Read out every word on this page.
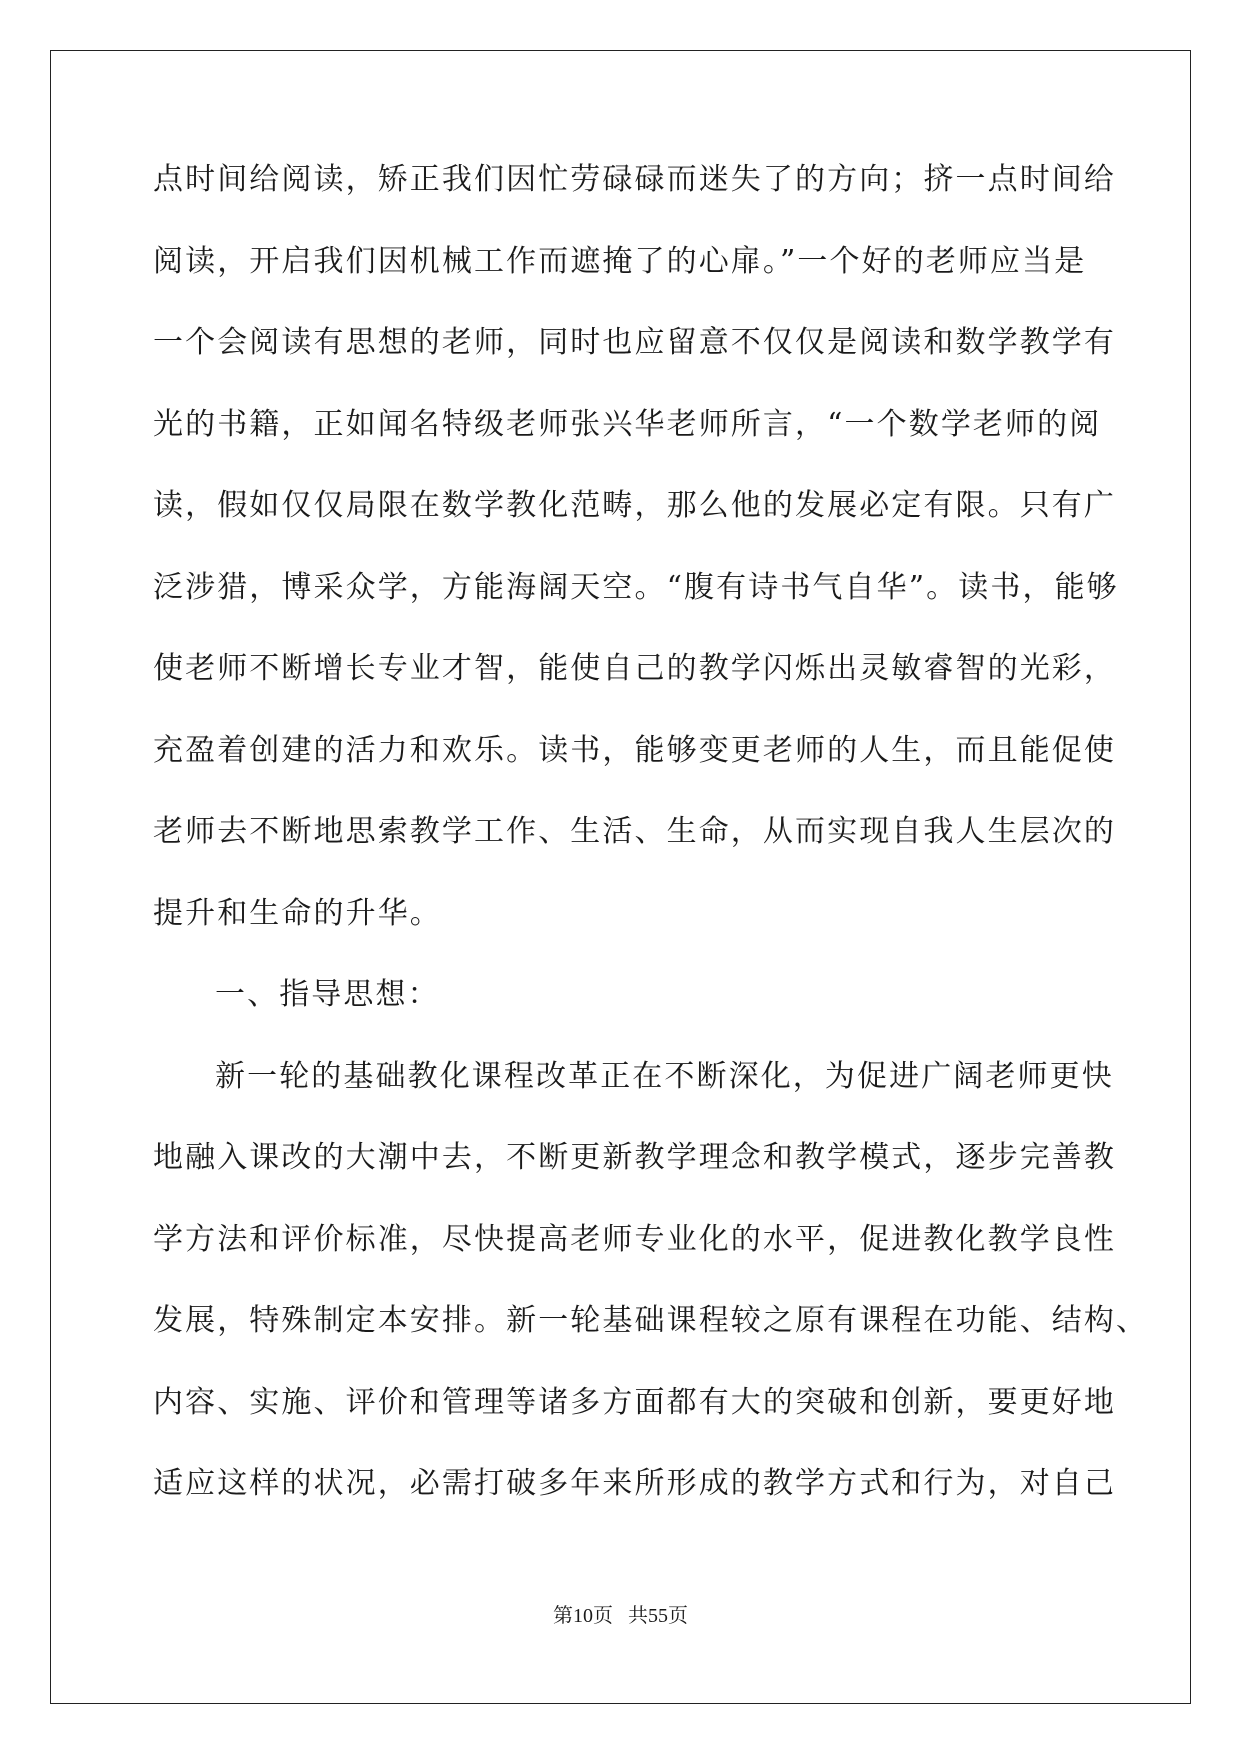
点时间给阅读，矫正我们因忙劳碌碌而迷失了的方向；挤一点时间给
阅读，开启我们因机械工作而遮掩了的心扉。”一个好的老师应当是
一个会阅读有思想的老师，同时也应留意不仅仅是阅读和数学教学有
光的书籍，正如闻名特级老师张兴华老师所言，“一个数学老师的阅
读，假如仅仅局限在数学教化范畴，那么他的发展必定有限。只有广
泛涉猎，博采众学，方能海阔天空。“腹有诗书气自华”。读书，能够
使老师不断增长专业才智，能使自己的教学闪烁出灵敏睿智的光彩，
充盈着创建的活力和欢乐。读书，能够变更老师的人生，而且能促使
老师去不断地思索教学工作、生活、生命，从而实现自我人生层次的
提升和生命的升华。
一、指导思想：
新一轮的基础教化课程改革正在不断深化，为促进广阔老师更快
地融入课改的大潮中去，不断更新教学理念和教学模式，逐步完善教
学方法和评价标准，尽快提高老师专业化的水平，促进教化教学良性
发展，特殊制定本安排。新一轮基础课程较之原有课程在功能、结构、
内容、实施、评价和管理等诸多方面都有大的突破和创新，要更好地
适应这样的状况，必需打破多年来所形成的教学方式和行为，对自己
第10页   共55页
